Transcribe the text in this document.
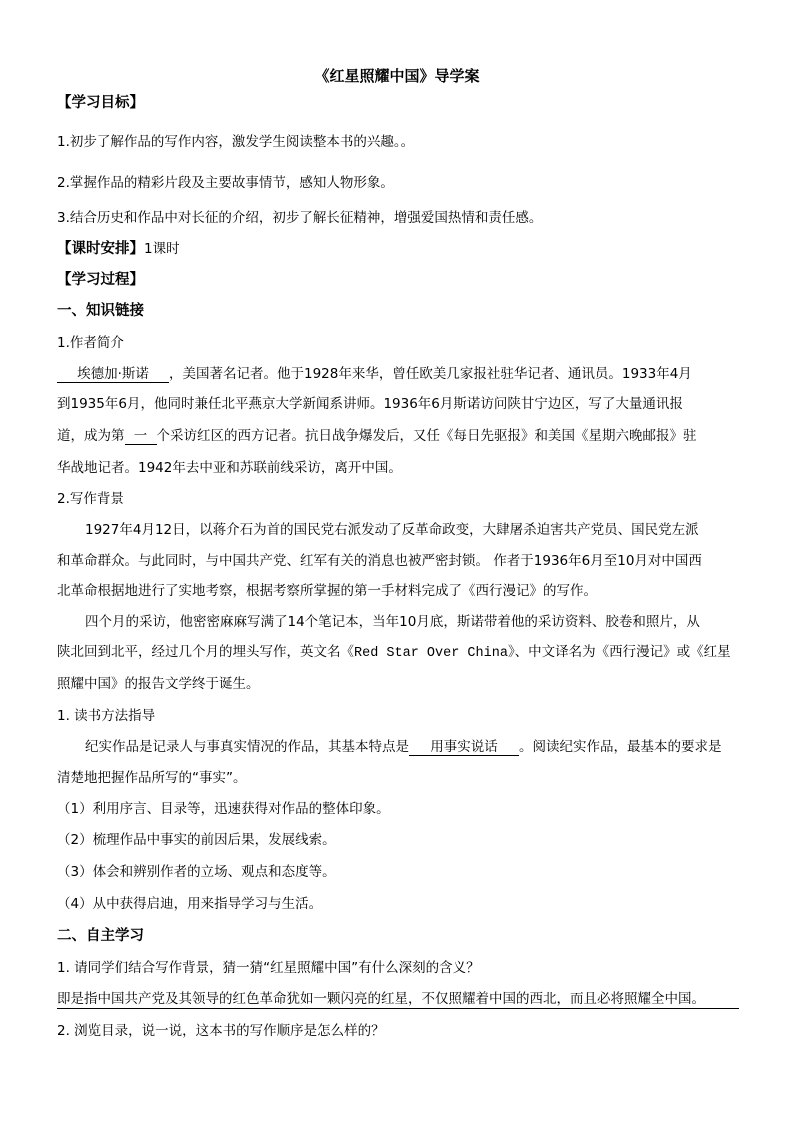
《红星照耀中国》导学案
【学习目标】
1.初步了解作品的写作内容，激发学生阅读整本书的兴趣。。
2.掌握作品的精彩片段及主要故事情节，感知人物形象。
3.结合历史和作品中对长征的介绍，初步了解长征精神，增强爱国热情和责任感。
【课时安排】1课时
【学习过程】
一、知识链接
1.作者简介
埃德加·斯诺 ，美国著名记者。他于1928年来华，曾任欧美几家报社驻华记者、通讯员。1933年4月
到1935年6月，他同时兼任北平燕京大学新闻系讲师。1936年6月斯诺访问陕甘宁边区，写了大量通讯报
道，成为第 一 个采访红区的西方记者。抗日战争爆发后，又任《每日先驱报》和美国《星期六晚邮报》驻
华战地记者。1942年去中亚和苏联前线采访，离开中国。
2.写作背景
1927年4月12日，以蒋介石为首的国民党右派发动了反革命政变，大肆屠杀迫害共产党员、国民党左派
和革命群众。与此同时，与中国共产党、红军有关的消息也被严密封锁。 作者于1936年6月至10月对中国西
北革命根据地进行了实地考察，根据考察所掌握的第一手材料完成了《西行漫记》的写作。
四个月的采访，他密密麻麻写满了14个笔记本，当年10月底，斯诺带着他的采访资料、胶卷和照片，从
陕北回到北平，经过几个月的埋头写作，英文名《Red Star Over China》、中文译名为《西行漫记》或《红星
照耀中国》的报告文学终于诞生。
1. 读书方法指导
纪实作品是记录人与事真实情况的作品，其基本特点是 用事实说话 。阅读纪实作品，最基本的要求是
清楚地把握作品所写的“事实”。
（1）利用序言、目录等，迅速获得对作品的整体印象。
（2）梳理作品中事实的前因后果，发展线索。
（3）体会和辨别作者的立场、观点和态度等。
（4）从中获得启迪，用来指导学习与生活。
二、自主学习
1. 请同学们结合写作背景，猜一猜“红星照耀中国”有什么深刻的含义？
即是指中国共产党及其领导的红色革命犹如一颗闪亮的红星，不仅照耀着中国的西北，而且必将照耀全中国。
2. 浏览目录，说一说，这本书的写作顺序是怎么样的？
